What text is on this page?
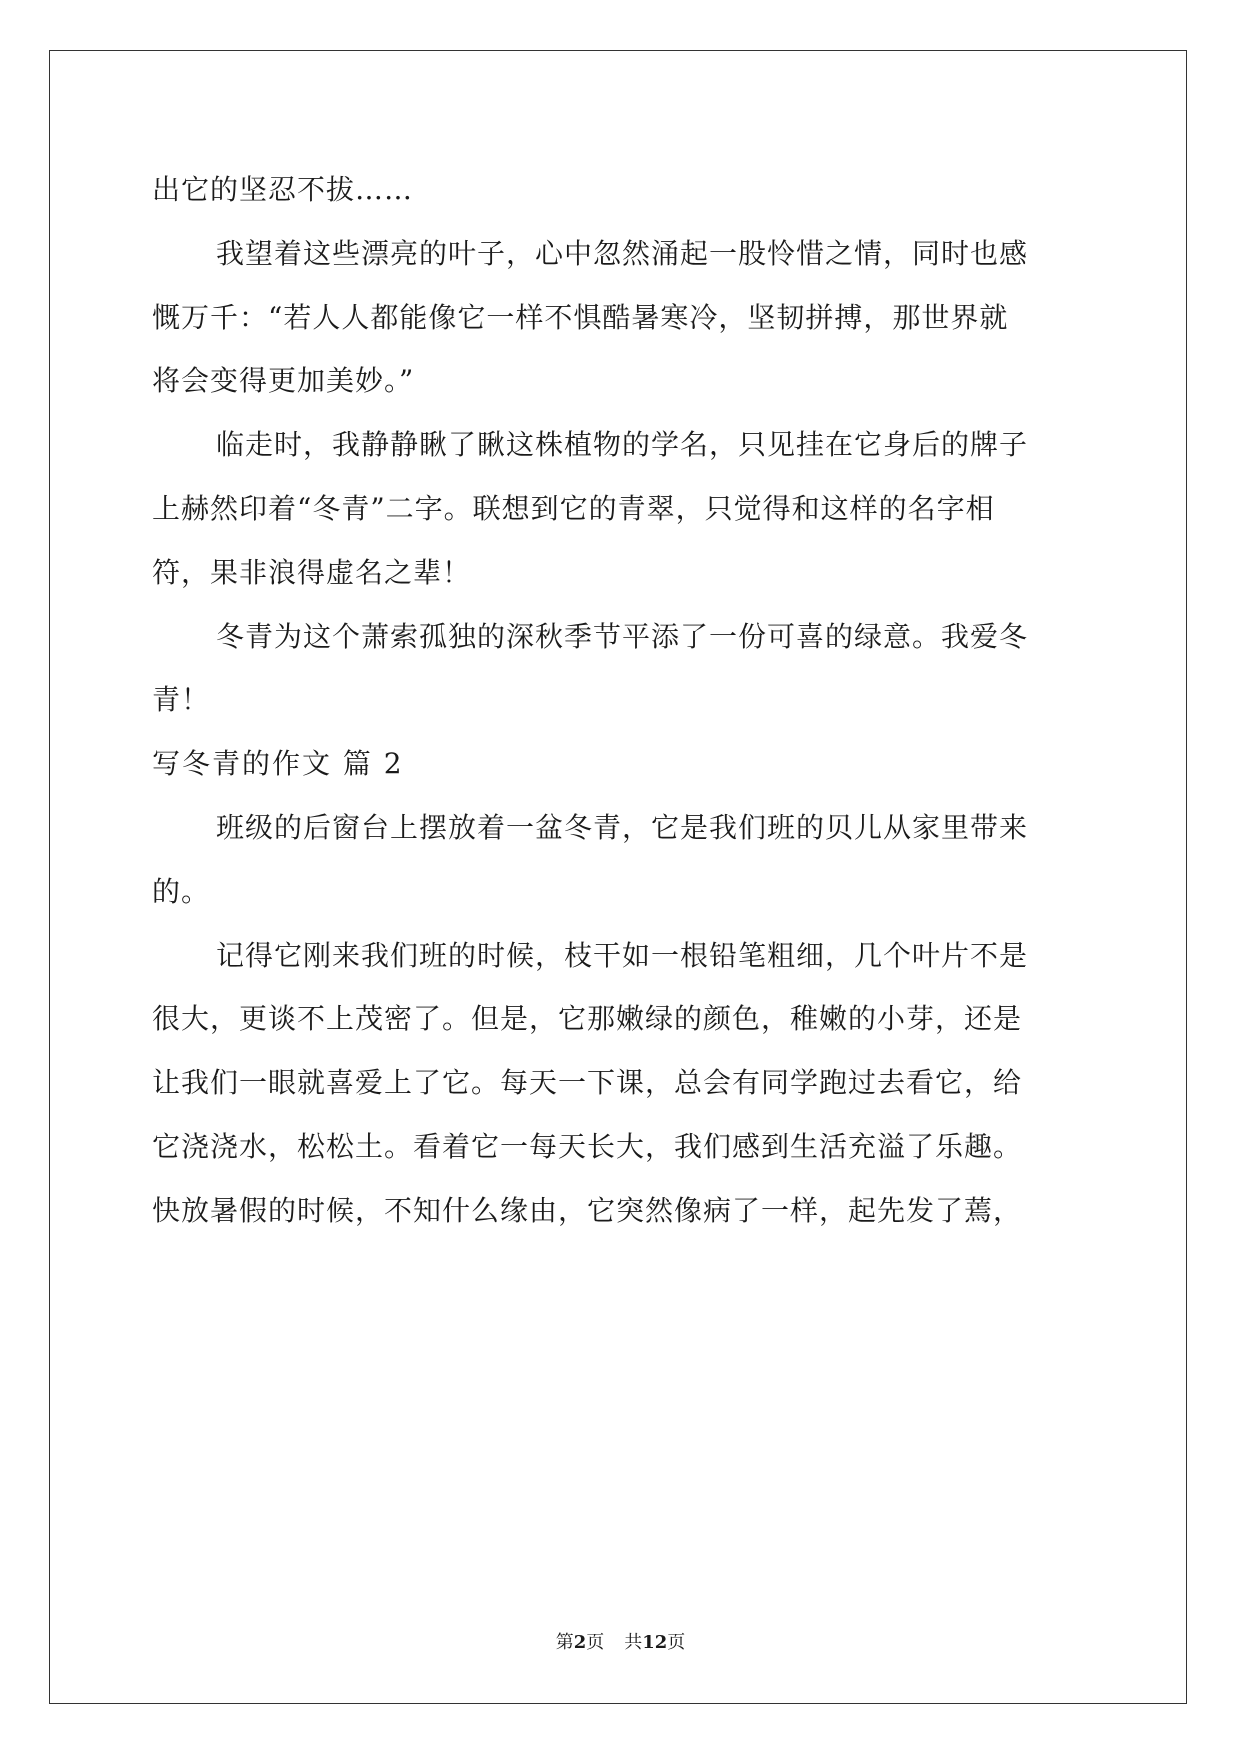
出它的坚忍不拔……
我望着这些漂亮的叶子，心中忽然涌起一股怜惜之情，同时也感
慨万千：“若人人都能像它一样不惧酷暑寒冷，坚韧拼搏，那世界就
将会变得更加美妙。”
临走时，我静静瞅了瞅这株植物的学名，只见挂在它身后的牌子
上赫然印着“冬青”二字。联想到它的青翠，只觉得和这样的名字相
符，果非浪得虚名之辈！
冬青为这个萧索孤独的深秋季节平添了一份可喜的绿意。我爱冬
青！
写冬青的作文 篇 2
班级的后窗台上摆放着一盆冬青，它是我们班的贝儿从家里带来
的。
记得它刚来我们班的时候，枝干如一根铅笔粗细，几个叶片不是
很大，更谈不上茂密了。但是，它那嫩绿的颜色，稚嫩的小芽，还是
让我们一眼就喜爱上了它。每天一下课，总会有同学跑过去看它，给
它浇浇水，松松土。看着它一每天长大，我们感到生活充溢了乐趣。
快放暑假的时候，不知什么缘由，它突然像病了一样，起先发了蔫，
第2页 共12页
